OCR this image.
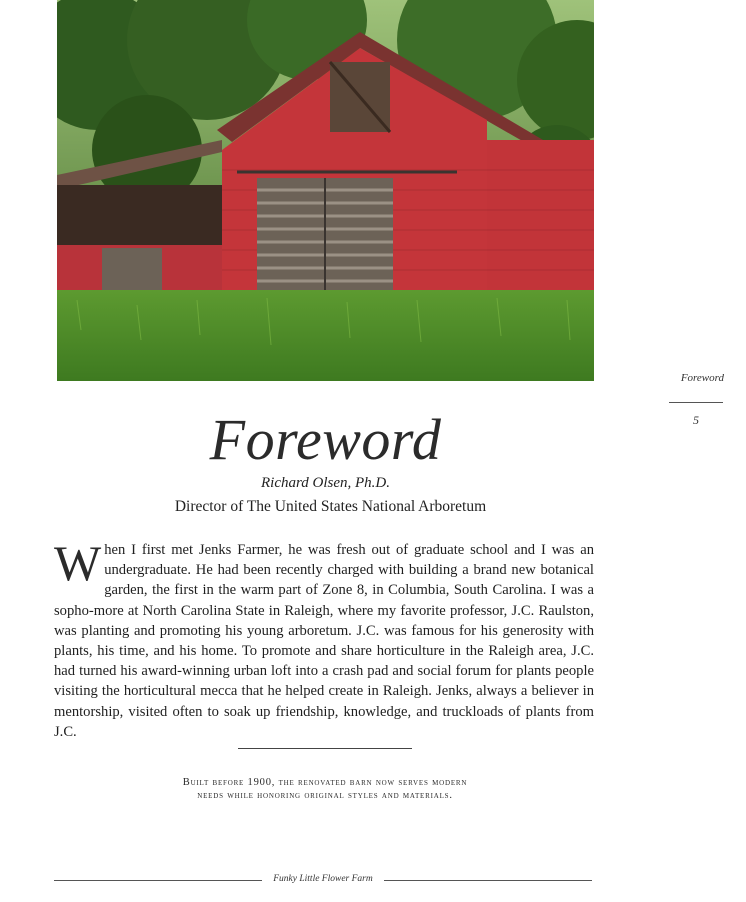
Foreword
5
Foreword
Richard Olsen, Ph.D.
Director of The United States National Arboretum

When I first met Jenks Farmer, he was fresh out of graduate school and I was an undergraduate. He had been recently charged with building a brand new botanical garden, the first in the warm part of Zone 8, in Columbia, South Carolina. I was a sopho-more at North Carolina State in Raleigh, where my favorite professor, J.C. Raulston, was planting and promoting his young arboretum. J.C. was famous for his generosity with plants, his time, and his home. To promote and share horticulture in the Raleigh area, J.C. had turned his award-winning urban loft into a crash pad and social forum for plants people visiting the horticultural mecca that he helped create in Raleigh. Jenks, always a believer in mentorship, visited often to soak up friendship, knowledge, and truckloads of plants from J.C.

Built before 1900, the renovated barn now serves modern
needs while honoring original styles and materials.
Funky Little Flower Farm
